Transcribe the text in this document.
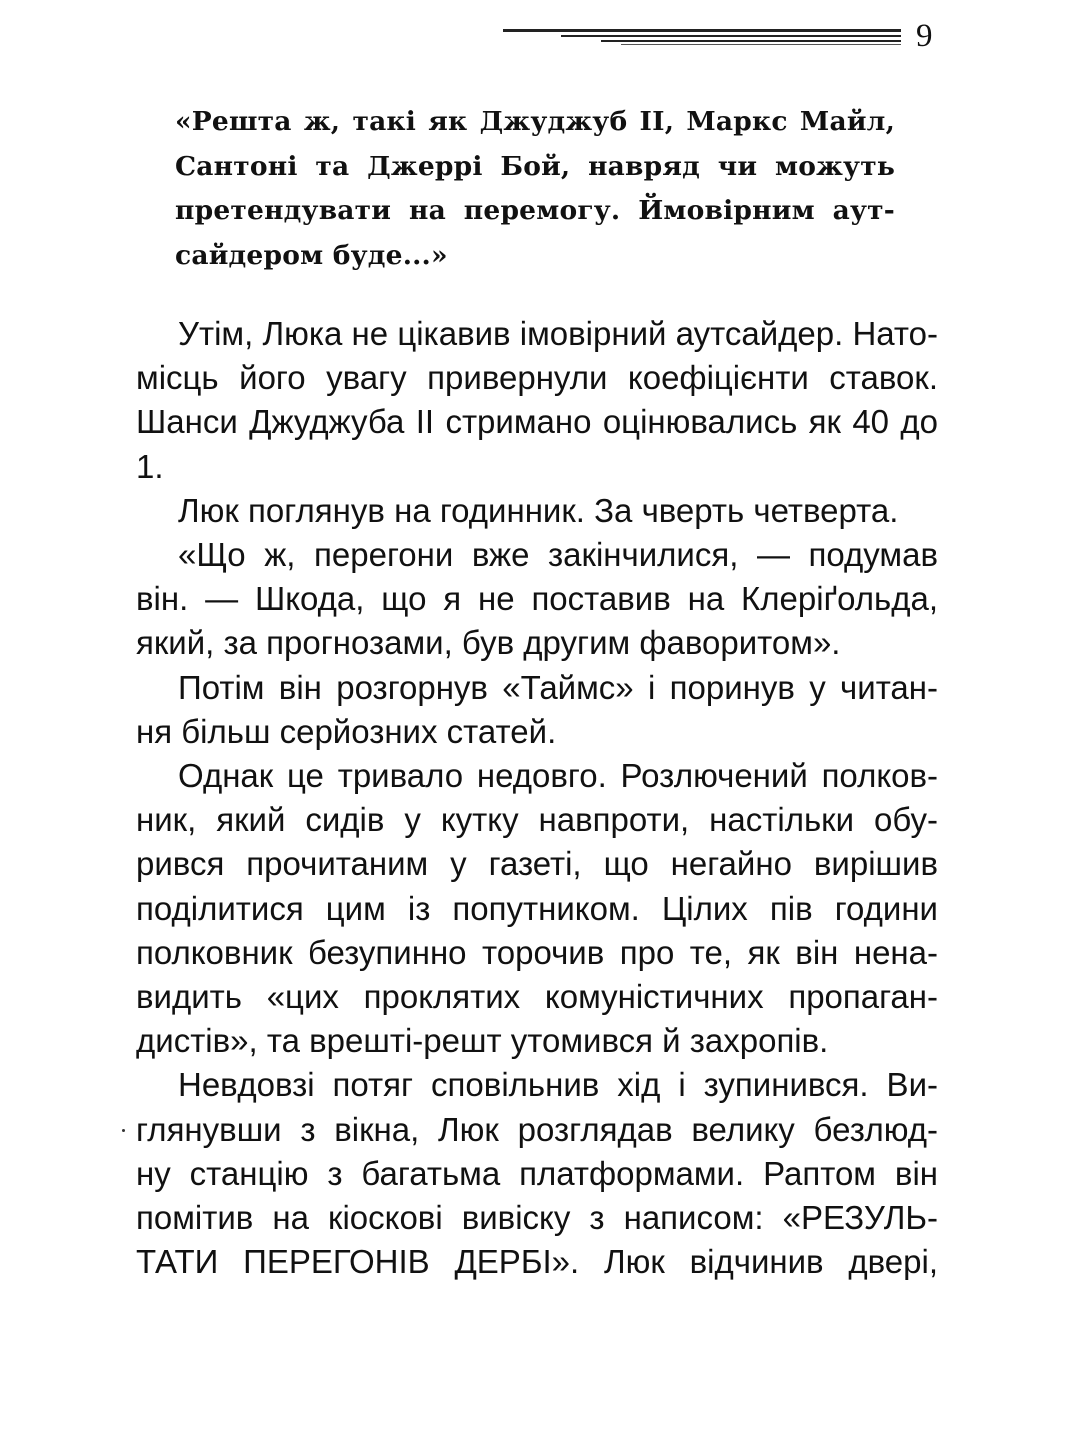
9
«Решта ж, такі як Джуджуб II, Маркс Майл,
Сантоні та Джеррі Бой, навряд чи можуть
претендувати на перемогу. Ймовірним аут-
сайдером буде...»
Утім, Люка не цікавив імовірний аутсайдер. Нато-
місць його увагу привернули коефіцієнти ставок.
Шанси Джуджуба II стримано оцінювались як 40 до 1.
Люк поглянув на годинник. За чверть четверта.
«Що ж, перегони вже закінчилися, — подумав
він. — Шкода, що я не поставив на Клеріґольда,
який, за прогнозами, був другим фаворитом».
Потім він розгорнув «Таймс» і поринув у читан-
ня більш серйозних статей.
Однак це тривало недовго. Розлючений полков-
ник, який сидів у кутку навпроти, настільки обу-
рився прочитаним у газеті, що негайно вирішив
поділитися цим із попутником. Цілих пів години
полковник безупинно торочив про те, як він нена-
видить «цих проклятих комуністичних пропаган-
дистів», та врешті-решт утомився й захропів.
Невдовзі потяг сповільнив хід і зупинився. Ви-
глянувши з вікна, Люк розглядав велику безлюд-
ну станцію з багатьма платформами. Раптом він
помітив на кіоскові вивіску з написом: «РЕЗУЛЬ-
ТАТИ ПЕРЕГОНІВ ДЕРБІ». Люк відчинив двері,
